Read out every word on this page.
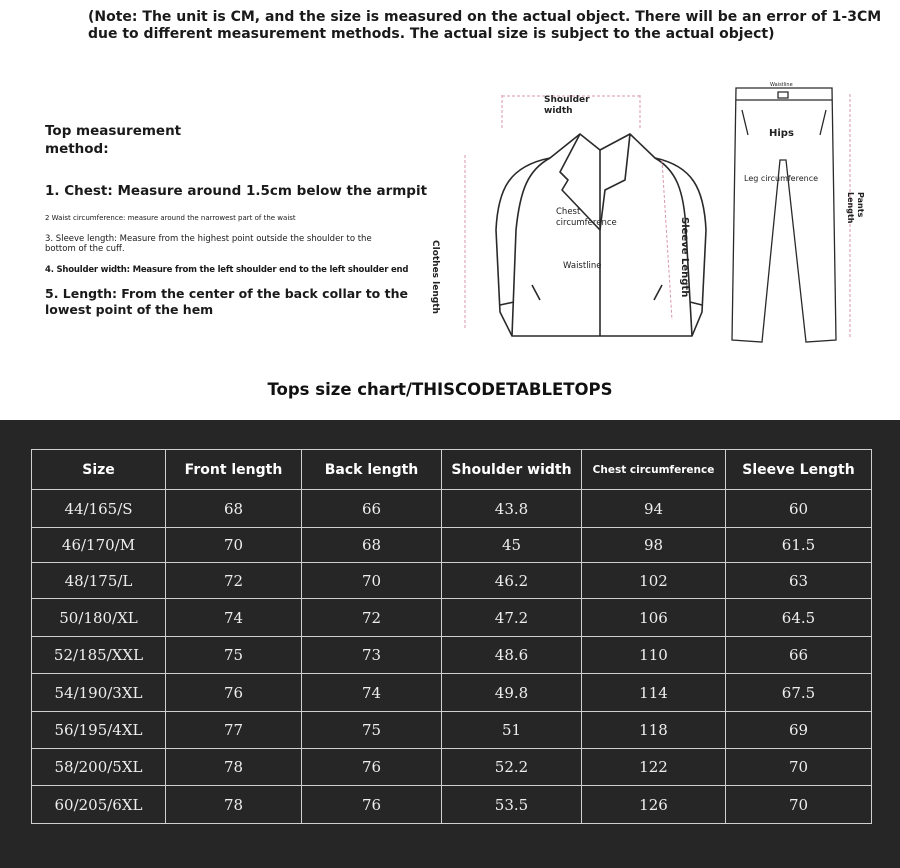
(Note: The unit is CM, and the size is measured on the actual object. There will be an error of 1-3CM due to different measurement methods. The actual size is subject to the actual object)
Top measurement method:
1. Chest: Measure around 1.5cm below the armpit
2 Waist circumference: measure around the narrowest part of the waist
3. Sleeve length: Measure from the highest point outside the shoulder to the bottom of the cuff.
4. Shoulder width: Measure from the left shoulder end to the left shoulder end
5. Length: From the center of the back collar to the lowest point of the hem
Shoulder width
Clothes length
Chest circumference
Waistline	Sleeve Length
Waistline
Hips
Leg circumference
Pants Length
Tops size chart/THISCODETABLETOPS
Size	Front length	Back length	Shoulder width	Chest circumference	Sleeve Length
44/165/S	68	66	43.8	94	60
46/170/M	70	68	45	98	61.5
48/175/L	72	70	46.2	102	63
50/180/XL	74	72	47.2	106	64.5
52/185/XXL	75	73	48.6	110	66
54/190/3XL	76	74	49.8	114	67.5
56/195/4XL	77	75	51	118	69
58/200/5XL	78	76	52.2	122	70
60/205/6XL	78	76	53.5	126	70
